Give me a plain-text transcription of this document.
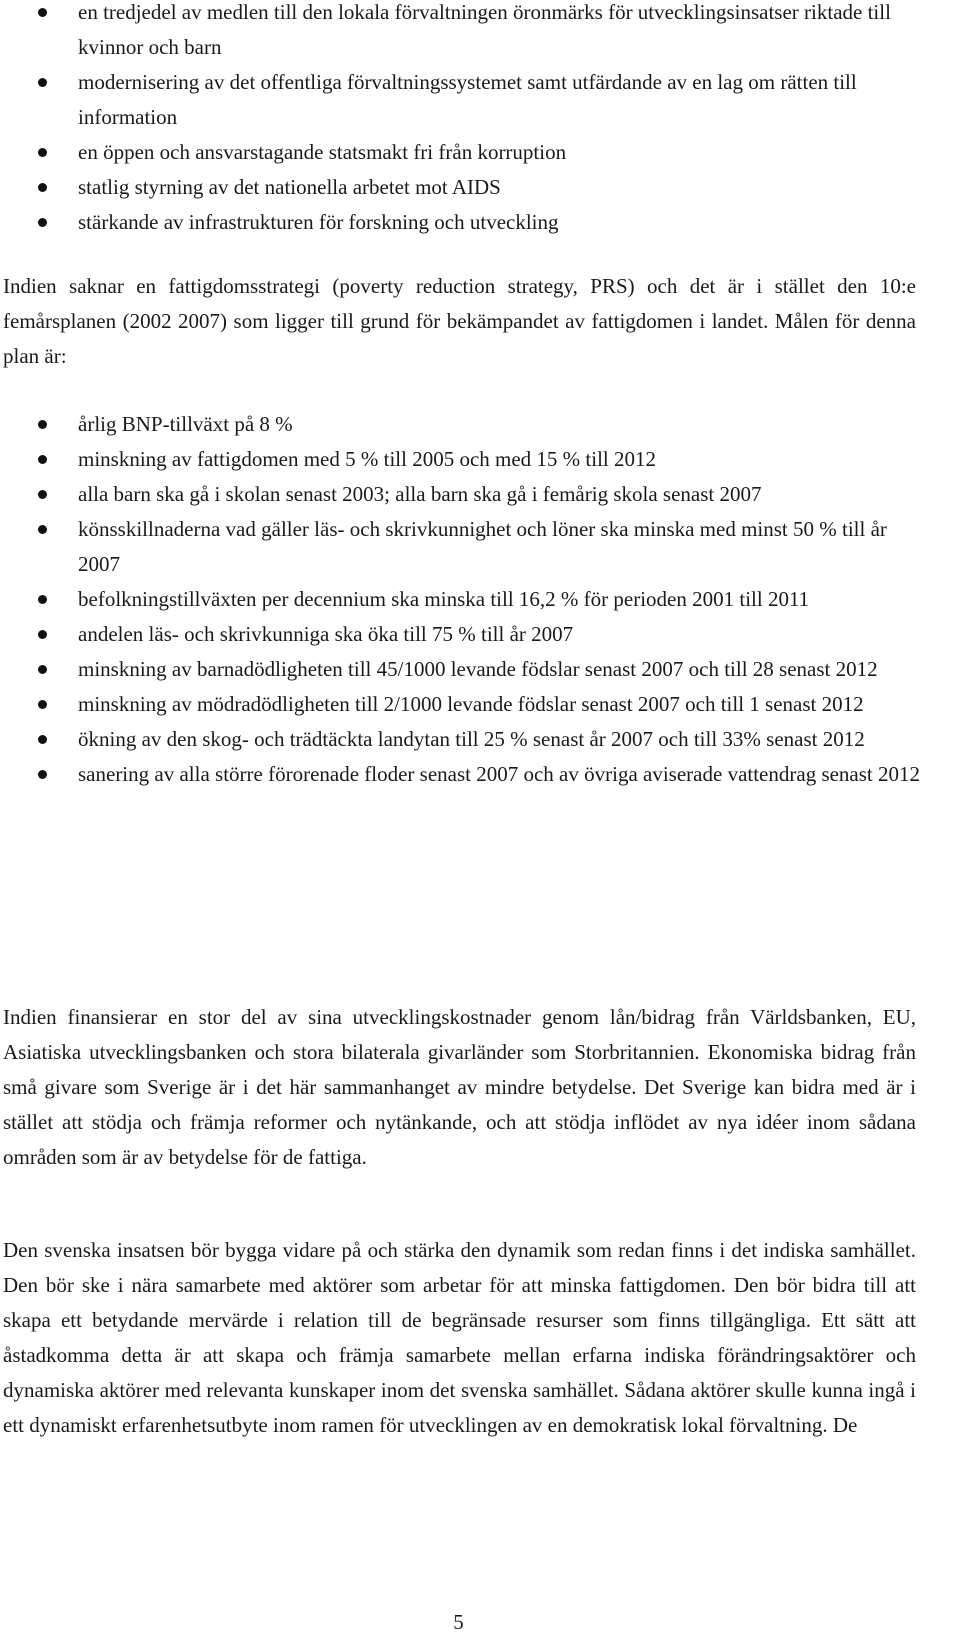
en tredjedel av medlen till den lokala förvaltningen öronmärks för utvecklingsinsatser riktade till kvinnor och barn
modernisering av det offentliga förvaltningssystemet samt utfärdande av en lag om rätten till information
en öppen och ansvarstagande statsmakt fri från korruption
statlig styrning av det nationella arbetet mot AIDS
stärkande av infrastrukturen för forskning och utveckling

Indien saknar en fattigdomsstrategi (poverty reduction strategy, PRS) och det är i stället den 10:e femårsplanen (2002 2007) som ligger till grund för bekämpandet av fattigdomen i landet. Målen för denna plan är:

årlig BNP-tillväxt på 8 %
minskning av fattigdomen med 5 % till 2005 och med 15 % till 2012
alla barn ska gå i skolan senast 2003; alla barn ska gå i femårig skola senast 2007
könsskillnaderna vad gäller läs- och skrivkunnighet och löner ska minska med minst 50 % till år 2007
befolkningstillväxten per decennium ska minska till 16,2 % för perioden 2001 till 2011
andelen läs- och skrivkunniga ska öka till 75 % till år 2007
minskning av barnadödligheten till 45/1000 levande födslar senast 2007 och till 28 senast 2012
minskning av mödradödligheten till 2/1000 levande födslar senast 2007 och till 1 senast 2012
ökning av den skog- och trädtäckta landytan till 25 % senast år 2007 och till 33% senast 2012
sanering av alla större förorenade floder senast 2007 och av övriga aviserade vattendrag senast 2012

Indien finansierar en stor del av sina utvecklingskostnader genom lån/bidrag från Världsbanken, EU, Asiatiska utvecklingsbanken och stora bilaterala givarländer som Storbritannien. Ekonomiska bidrag från små givare som Sverige är i det här sammanhanget av mindre betydelse. Det Sverige kan bidra med är i stället att stödja och främja reformer och nytänkande, och att stödja inflödet av nya idéer inom sådana områden som är av betydelse för de fattiga.

Den svenska insatsen bör bygga vidare på och stärka den dynamik som redan finns i det indiska samhället. Den bör ske i nära samarbete med aktörer som arbetar för att minska fattigdomen. Den bör bidra till att skapa ett betydande mervärde i relation till de begränsade resurser som finns tillgängliga. Ett sätt att åstadkomma detta är att skapa och främja samarbete mellan erfarna indiska förändringsaktörer och dynamiska aktörer med relevanta kunskaper inom det svenska samhället. Sådana aktörer skulle kunna ingå i ett dynamiskt erfarenhetsutbyte inom ramen för utvecklingen av en demokratisk lokal förvaltning. De

5
